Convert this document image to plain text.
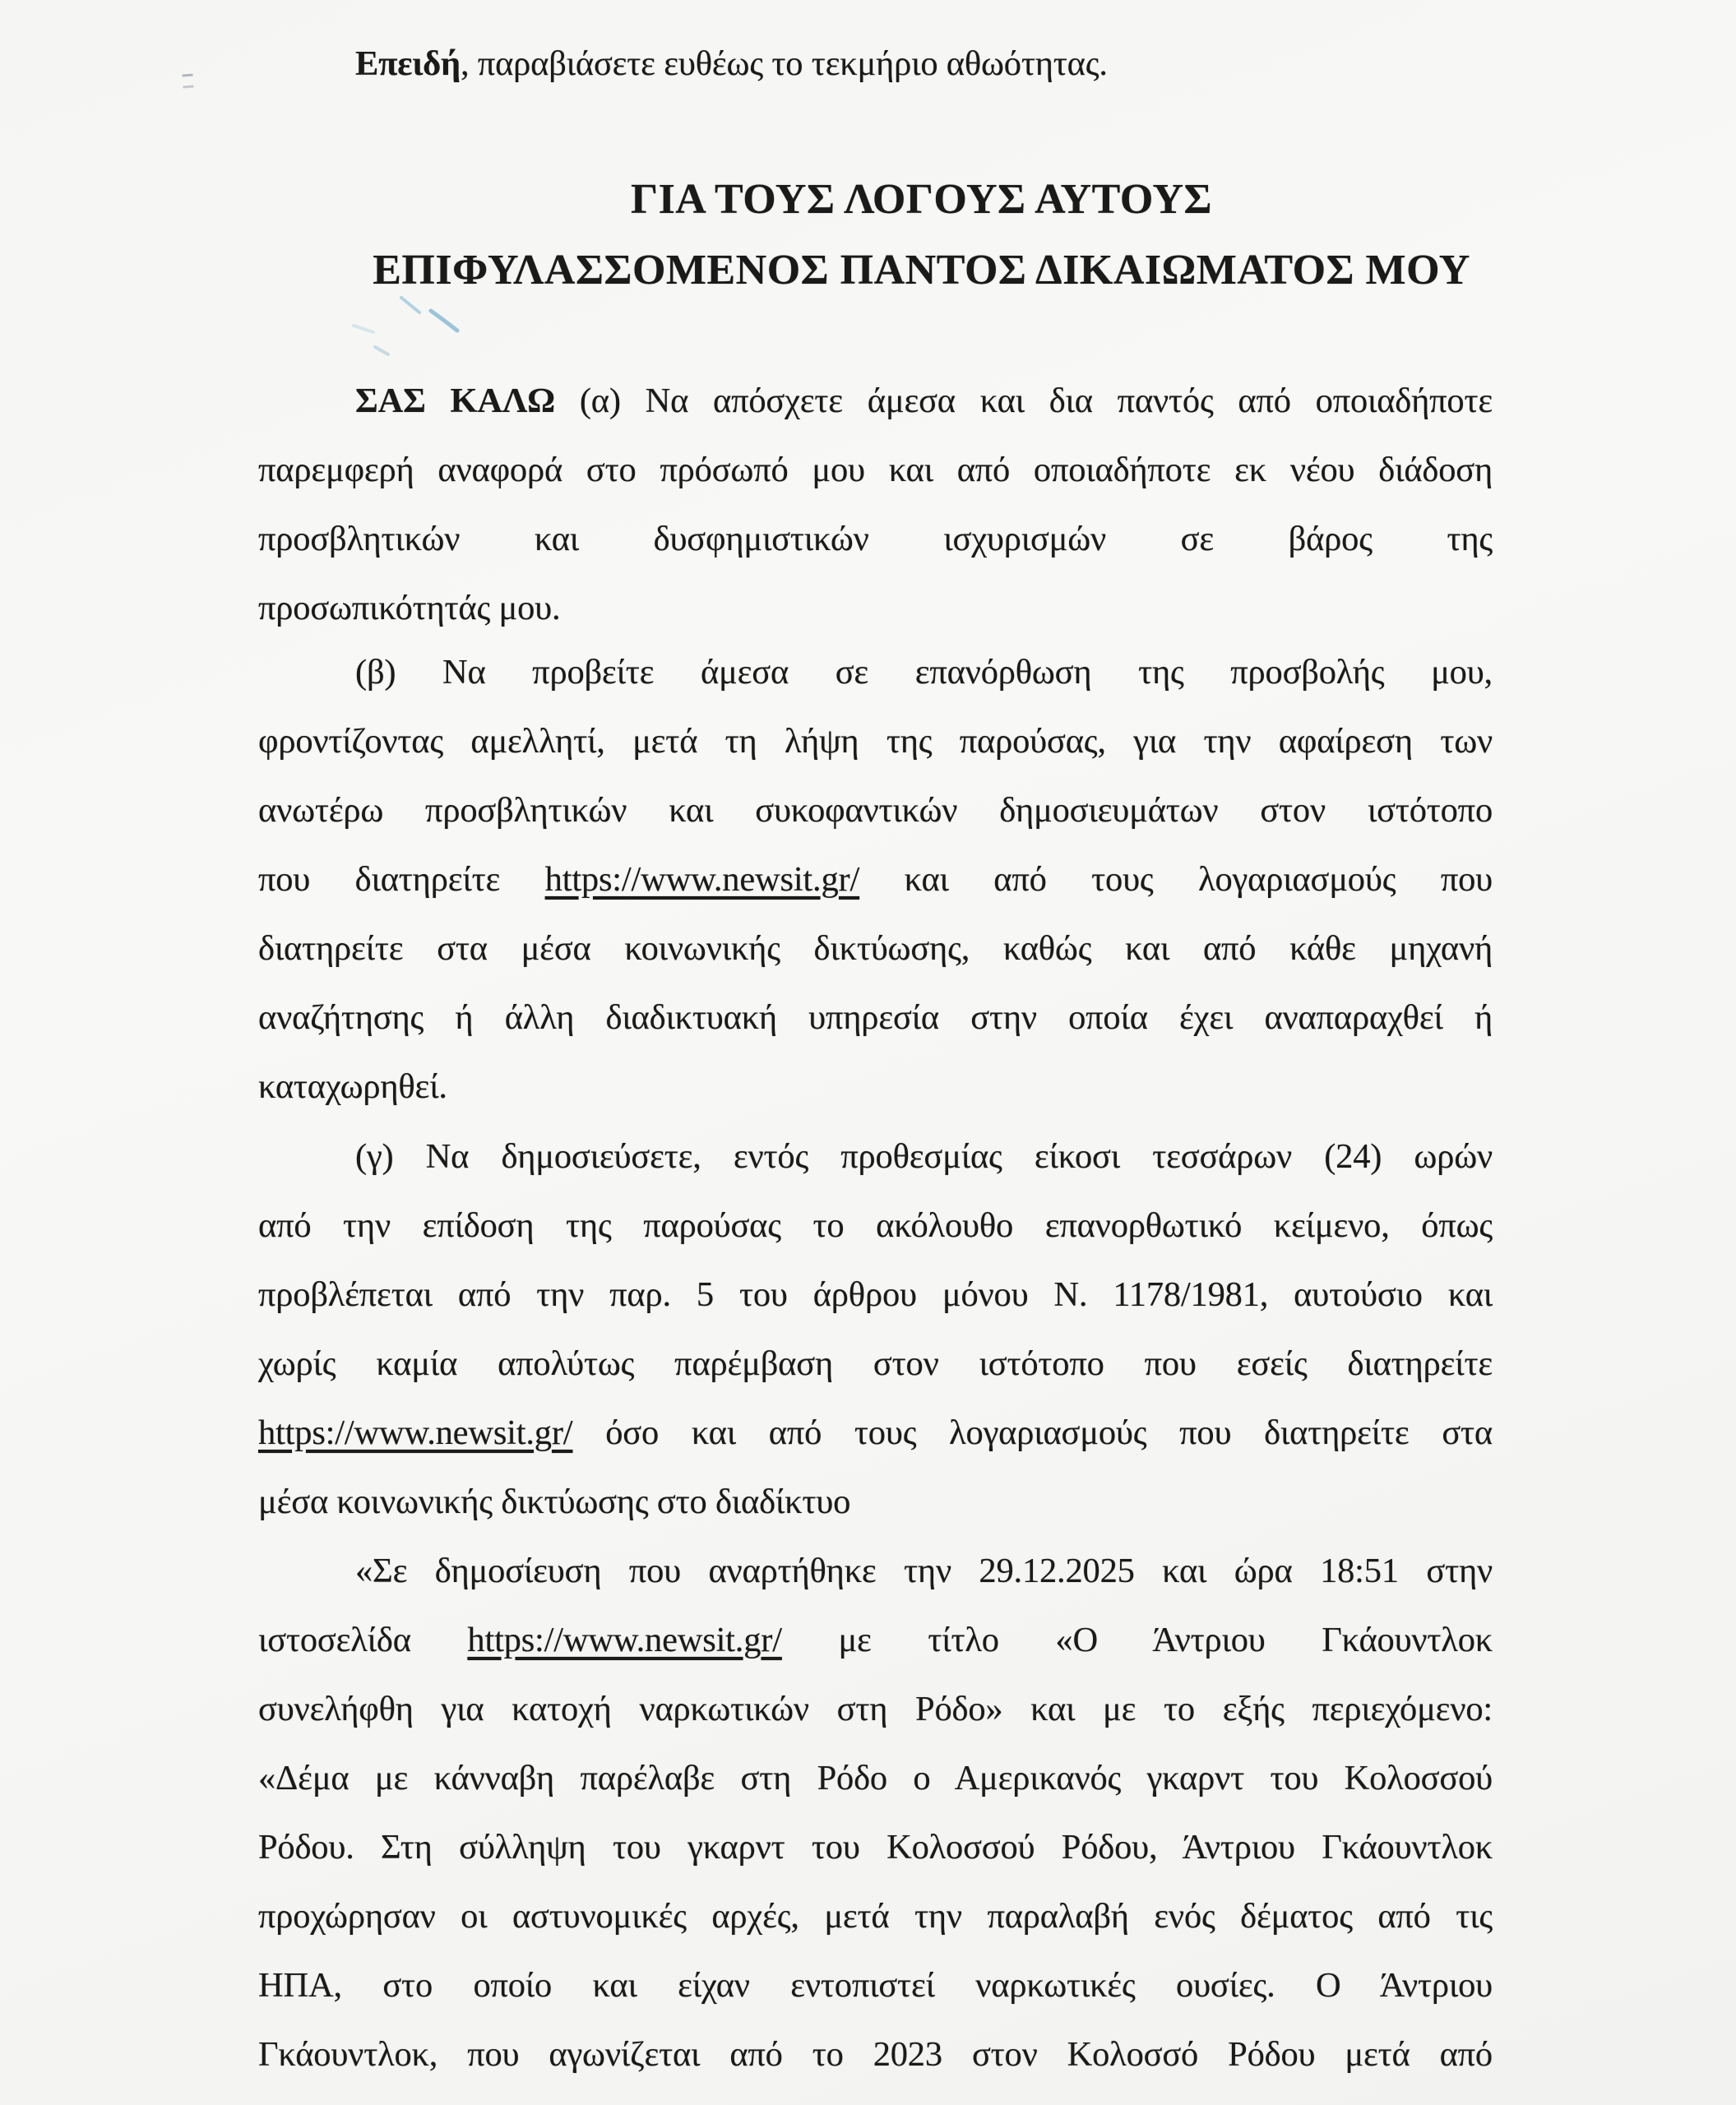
Επειδή, παραβιάσετε ευθέως το τεκμήριο αθωότητας.

ΓΙΑ ΤΟΥΣ ΛΟΓΟΥΣ ΑΥΤΟΥΣ
ΕΠΙΦΥΛΑΣΣΟΜΕΝΟΣ ΠΑΝΤΟΣ ΔΙΚΑΙΩΜΑΤΟΣ ΜΟΥ
ΣΑΣ ΚΑΛΩ (α) Να απόσχετε άμεσα και δια παντός από οποιαδήποτε
παρεμφερή αναφορά στο πρόσωπό μου και από οποιαδήποτε εκ νέου διάδοση
προσβλητικών και δυσφημιστικών ισχυρισμών σε βάρος της
προσωπικότητάς μου.
(β) Να προβείτε άμεσα σε επανόρθωση της προσβολής μου,
φροντίζοντας αμελλητί, μετά τη λήψη της παρούσας, για την αφαίρεση των
ανωτέρω προσβλητικών και συκοφαντικών δημοσιευμάτων στον ιστότοπο
που διατηρείτε https://www.newsit.gr/ και από τους λογαριασμούς που
διατηρείτε στα μέσα κοινωνικής δικτύωσης, καθώς και από κάθε μηχανή
αναζήτησης ή άλλη διαδικτυακή υπηρεσία στην οποία έχει αναπαραχθεί ή
καταχωρηθεί.
(γ) Να δημοσιεύσετε, εντός προθεσμίας είκοσι τεσσάρων (24) ωρών
από την επίδοση της παρούσας το ακόλουθο επανορθωτικό κείμενο, όπως
προβλέπεται από την παρ. 5 του άρθρου μόνου Ν. 1178/1981, αυτούσιο και
χωρίς καμία απολύτως παρέμβαση στον ιστότοπο που εσείς διατηρείτε
https://www.newsit.gr/ όσο και από τους λογαριασμούς που διατηρείτε στα
μέσα κοινωνικής δικτύωσης στο διαδίκτυο
«Σε δημοσίευση που αναρτήθηκε την 29.12.2025 και ώρα 18:51 στην
ιστοσελίδα https://www.newsit.gr/ με τίτλο «Ο Άντριου Γκάουντλοκ
συνελήφθη για κατοχή ναρκωτικών στη Ρόδο» και με το εξής περιεχόμενο:
«Δέμα με κάνναβη παρέλαβε στη Ρόδο ο Αμερικανός γκαρντ του Κολοσσού
Ρόδου. Στη σύλληψη του γκαρντ του Κολοσσού Ρόδου, Άντριου Γκάουντλοκ
προχώρησαν οι αστυνομικές αρχές, μετά την παραλαβή ενός δέματος από τις
ΗΠΑ, στο οποίο και είχαν εντοπιστεί ναρκωτικές ουσίες. Ο Άντριου
Γκάουντλοκ, που αγωνίζεται από το 2023 στον Κολοσσό Ρόδου μετά από
